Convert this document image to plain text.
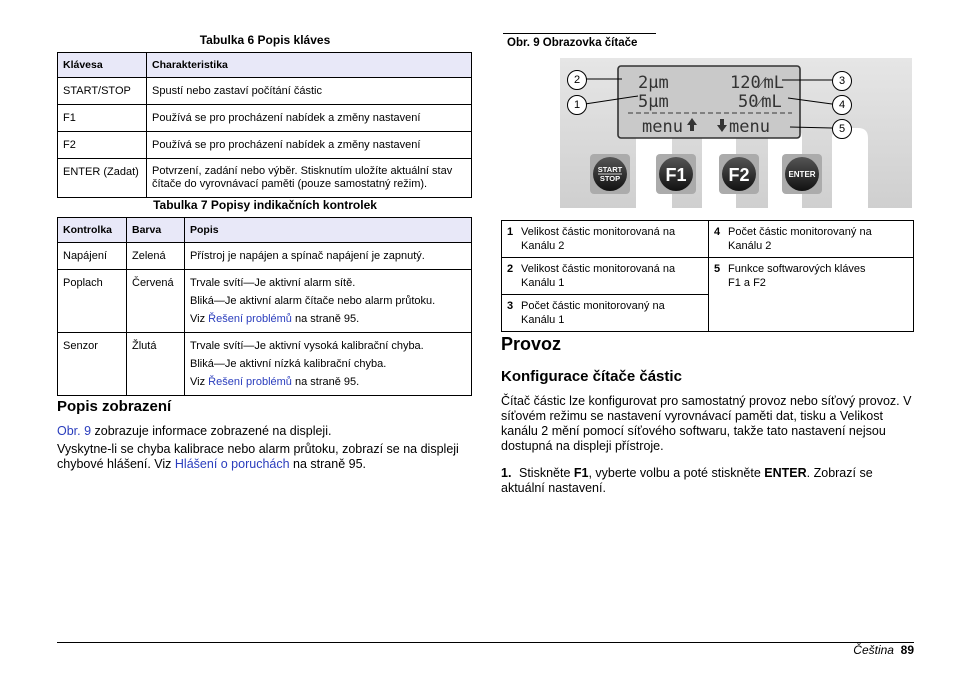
Tabulka 6 Popis kláves
Klávesa	Charakteristika
START/STOP	Spustí nebo zastaví počítání částic
F1	Používá se pro procházení nabídek a změny nastavení
F2	Používá se pro procházení nabídek a změny nastavení
ENTER (Zadat)	Potvrzení, zadání nebo výběr. Stisknutím uložíte aktuální stav čítače do vyrovnávací paměti (pouze samostatný režim).
Tabulka 7 Popisy indikačních kontrolek
Kontrolka	Barva	Popis
Napájení	Zelená	Přístroj je napájen a spínač napájení je zapnutý.

Poplach	Červená	Trvale svítí—Je aktivní alarm sítě.
Bliká—Je aktivní alarm čítače nebo alarm průtoku.
Viz Řešení problémů na straně 95.

Senzor	Žlutá	Trvale svítí—Je aktivní vysoká kalibrační chyba.
Bliká—Je aktivní nízká kalibrační chyba.
Viz Řešení problémů na straně 95.
Popis zobrazení
Obr. 9 zobrazuje informace zobrazené na displeji.
Vyskytne-li se chyba kalibrace nebo alarm průtoku, zobrazí se na displeji chybové hlášení. Viz Hlášení o poruchách na straně 95.
Obr. 9 Obrazovka čítače
2µm	120⁄mL
5µm	50⁄mL
menu	menu
START
STOP	F1 F2	ENTER
2
1
3
4
5
1 Velikost částic monitorovaná na Kanálu 2	4 Počet částic monitorovaný na Kanálu 2
2 Velikost částic monitorovaná na Kanálu 1	5 Funkce softwarových kláves F1 a F2
3 Počet částic monitorovaný na Kanálu 1	
Provoz
Konfigurace čítače částic
Čítač částic lze konfigurovat pro samostatný provoz nebo síťový provoz. V síťovém režimu se nastavení vyrovnávací paměti dat, tisku a Velikost kanálu 2 mění pomocí síťového softwaru, takže tato nastavení nejsou dostupná na displeji přístroje.
1. Stiskněte F1, vyberte volbu a poté stiskněte ENTER. Zobrazí se aktuální nastavení.
Čeština 89
